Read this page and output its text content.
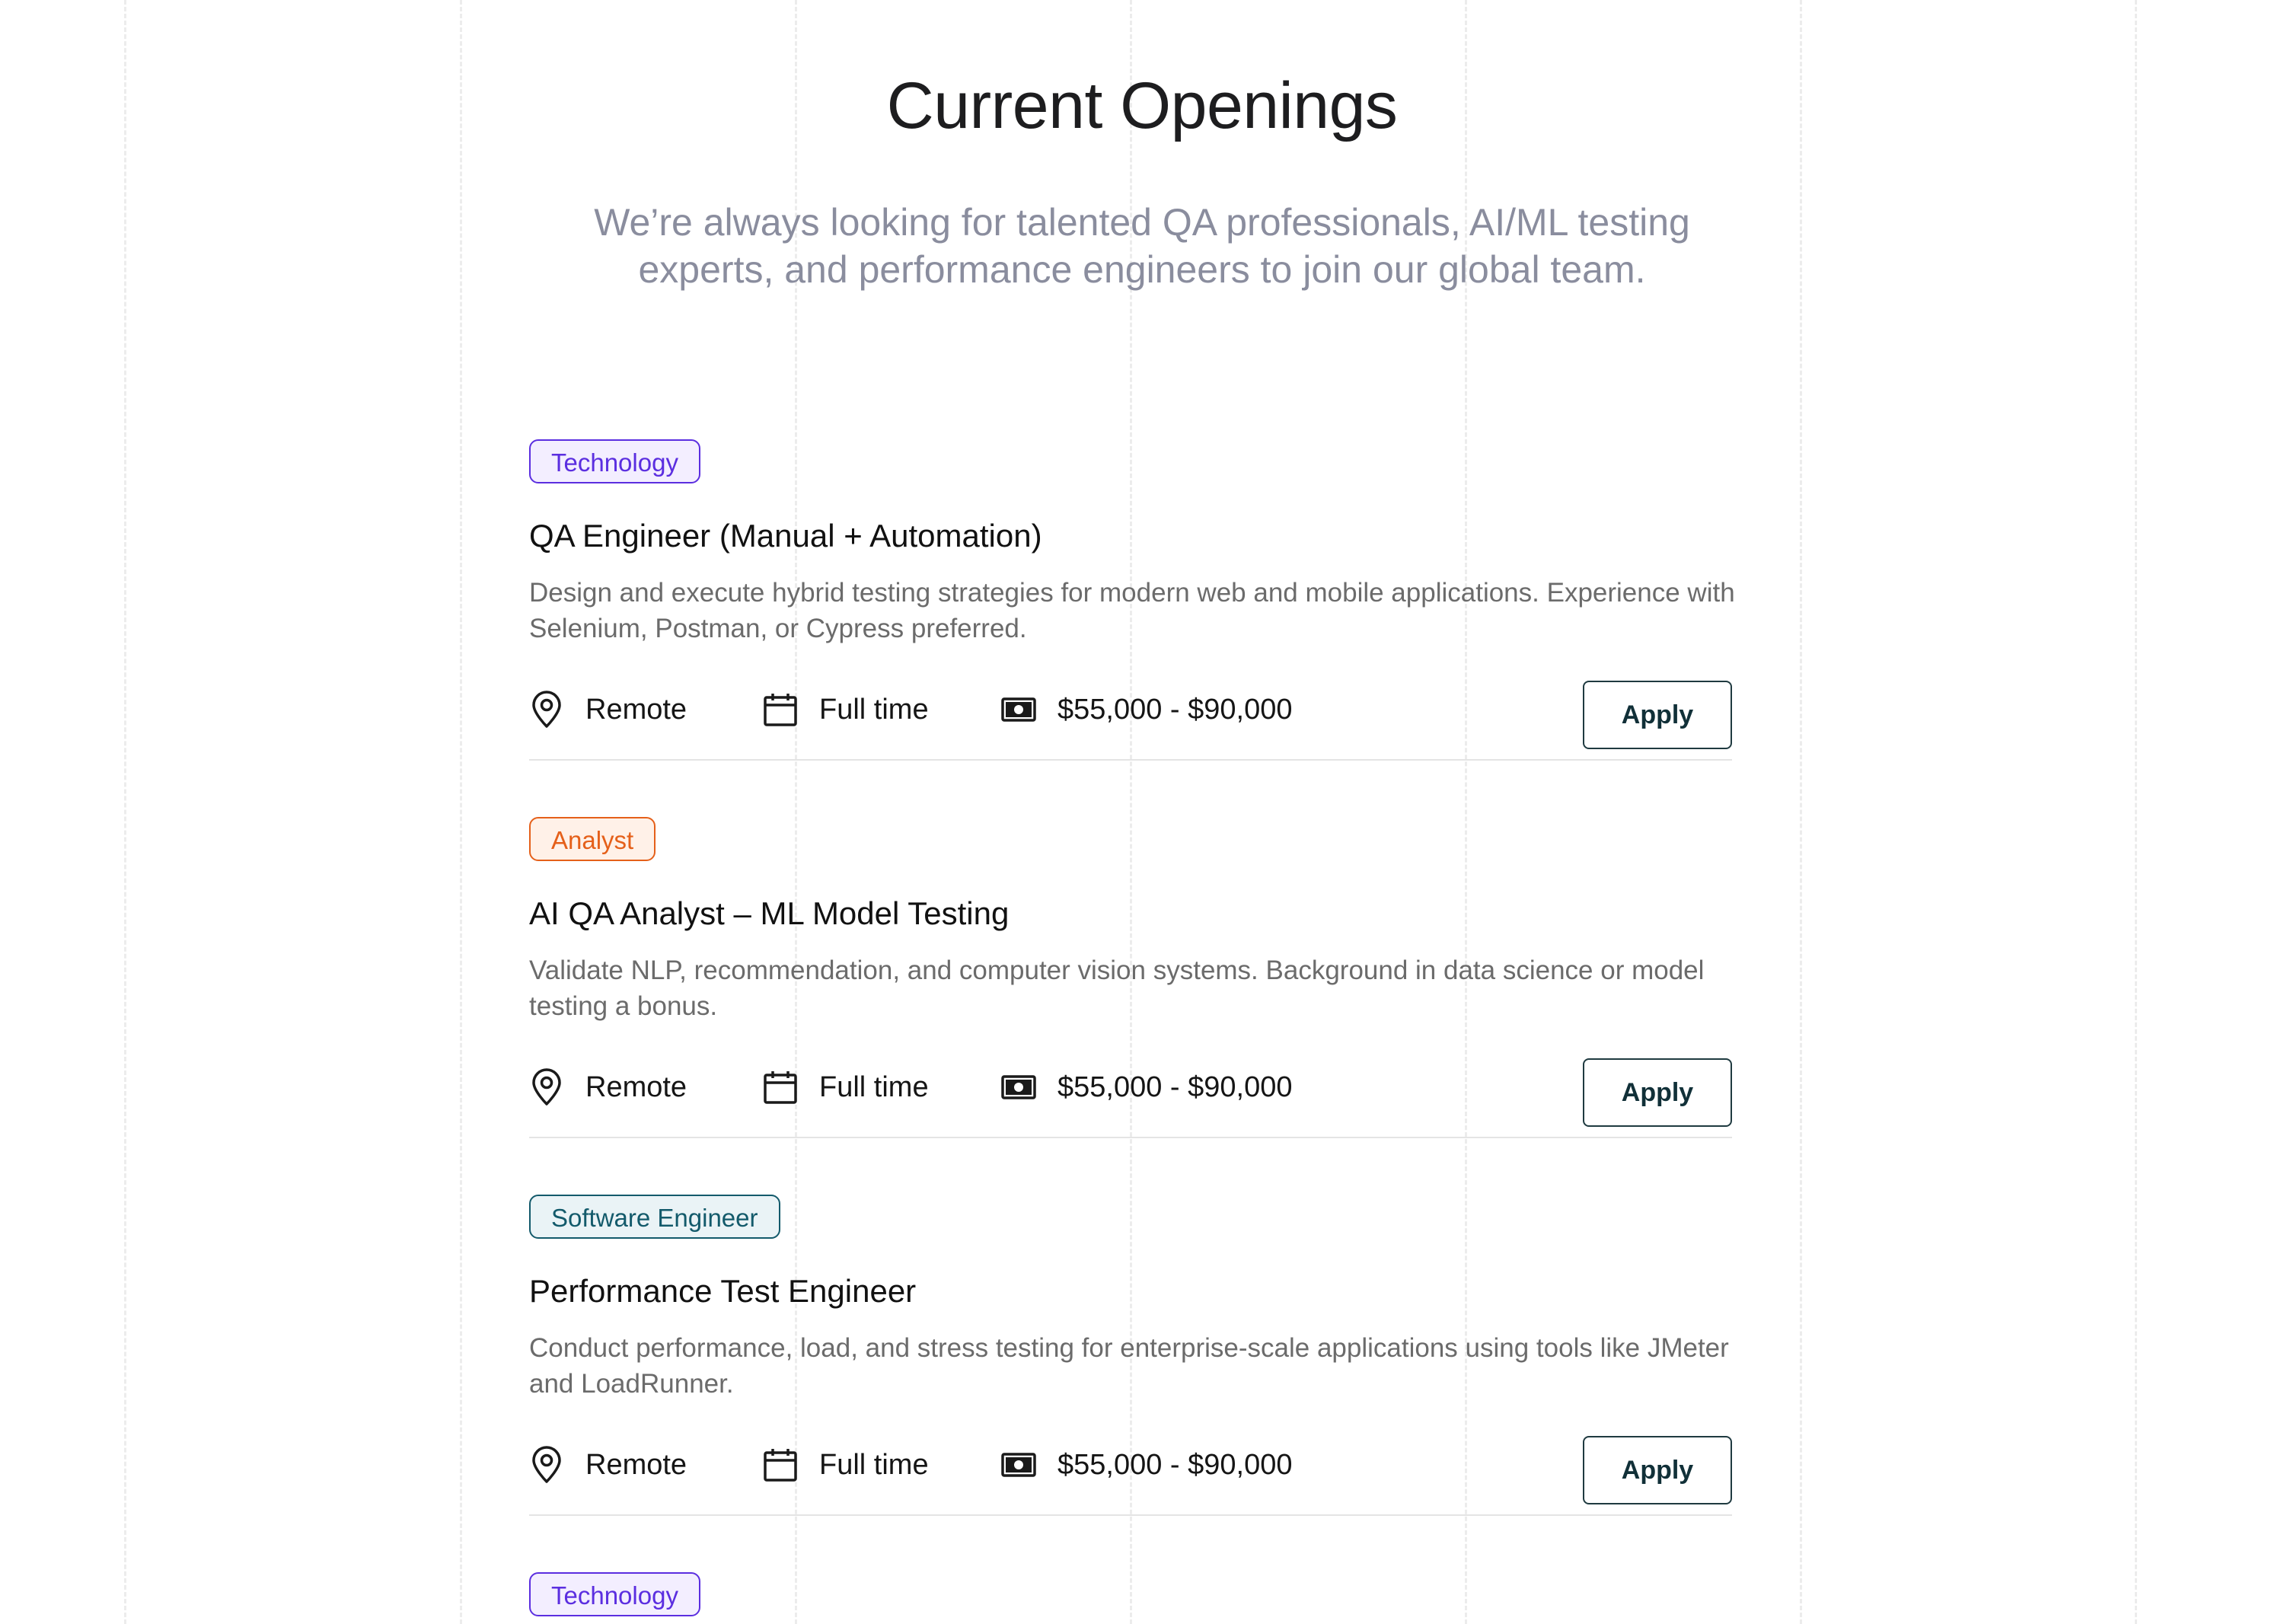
Current Openings

We’re always looking for talented QA professionals, AI/ML testing experts, and performance engineers to join our global team.

Technology
QA Engineer (Manual + Automation)

Design and execute hybrid testing strategies for modern web and mobile applications. Experience with Selenium, Postman, or Cypress preferred.

Remote	Full time	$55,000 - $90,000	Apply
Analyst
AI QA Analyst – ML Model Testing

Validate NLP, recommendation, and computer vision systems. Background in data science or model testing a bonus.

Remote	Full time	$55,000 - $90,000	Apply
Software Engineer
Performance Test Engineer

Conduct performance, load, and stress testing for enterprise-scale applications using tools like JMeter and LoadRunner.

Remote	Full time	$55,000 - $90,000	Apply
Technology
